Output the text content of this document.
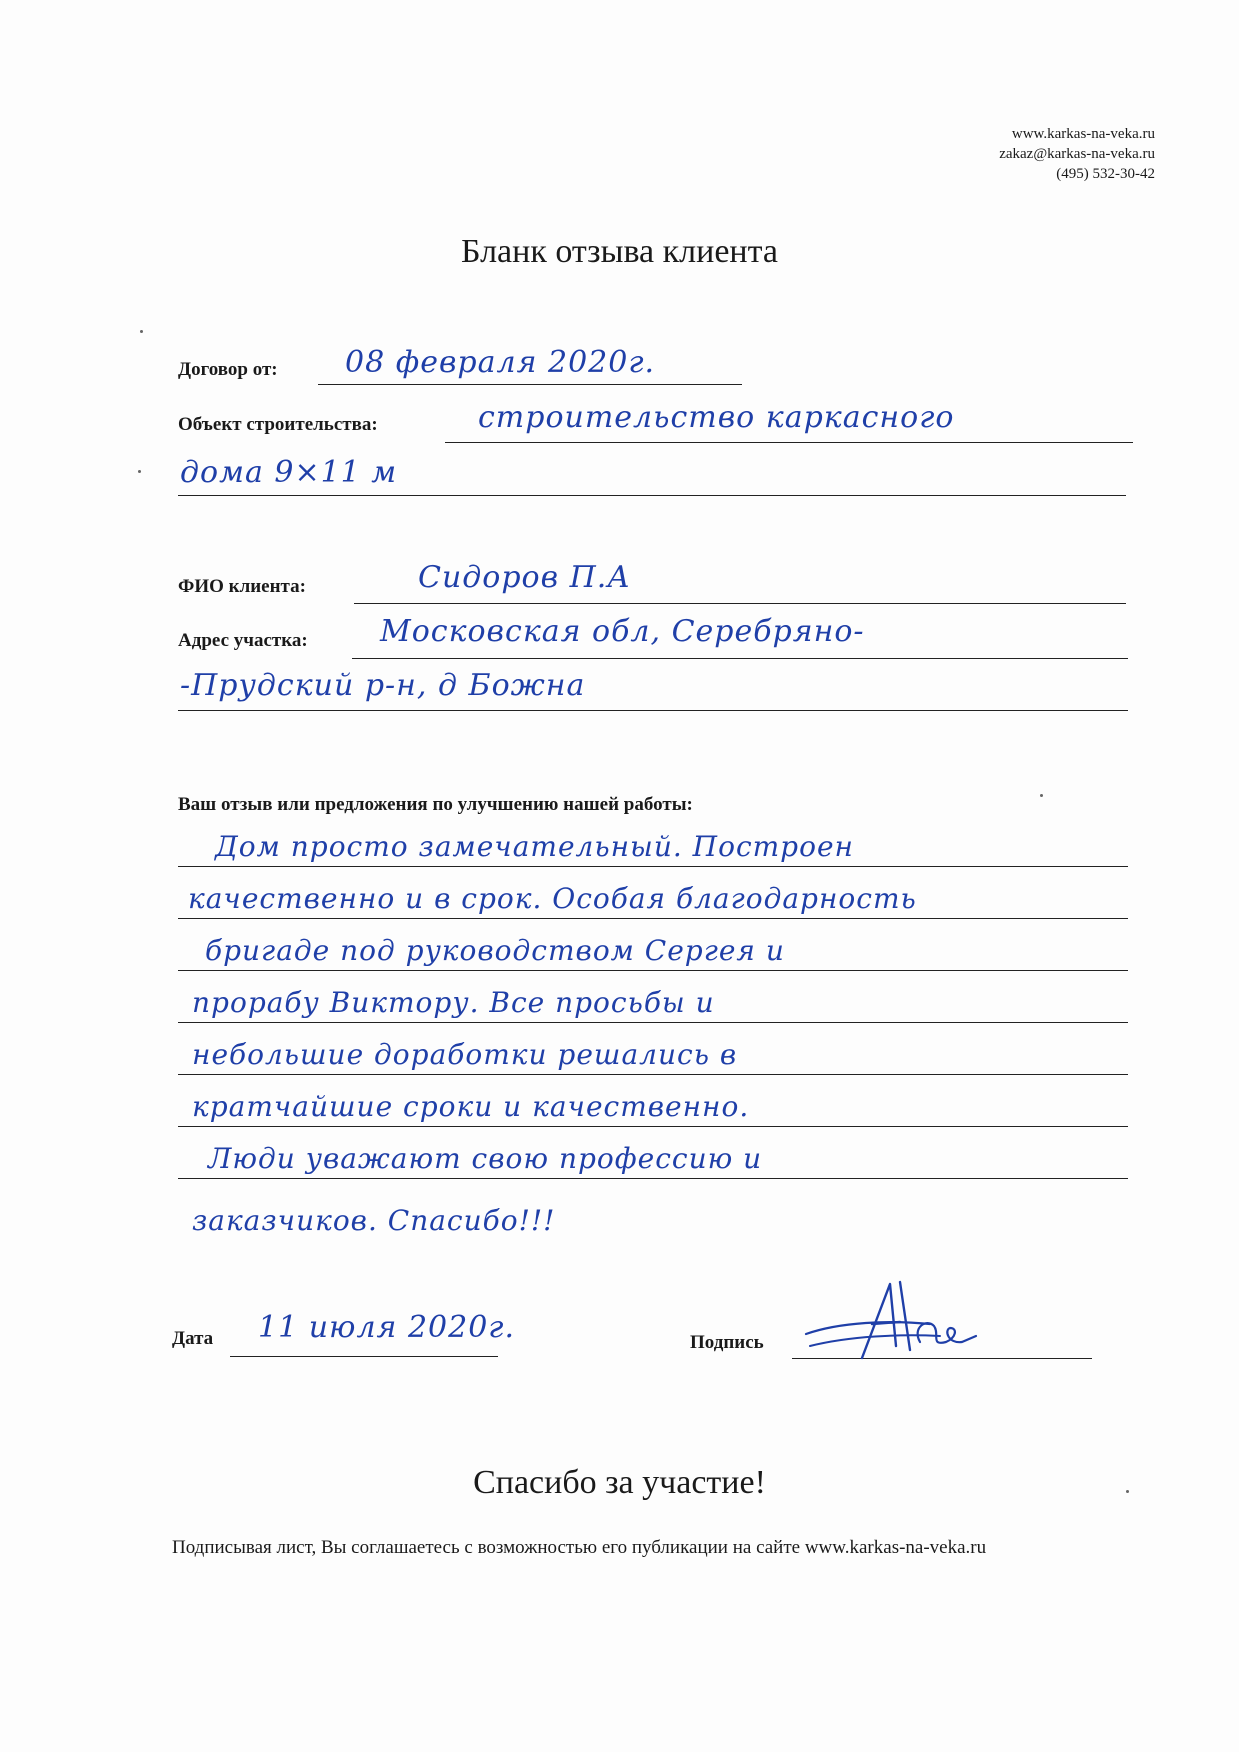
www.karkas-na-veka.ru
zakaz@karkas-na-veka.ru
(495) 532-30-42
Бланк отзыва клиента
Договор от: 08 февраля 2020г.
Объект строительства:	строительство каркасного
дома 9×11 м
ФИО клиента:	Сидоров П.А
Адрес участка: Московская обл, Серебряно-
-Прудский р-н, д Божна
Ваш отзыв или предложения по улучшению нашей работы:
Дом просто замечательный. Построен
качественно и в срок. Особая благодарность
бригаде под руководством Сергея и
прорабу Виктору. Все просьбы и
небольшие доработки решались в
кратчайшие сроки и качественно.
Люди уважают свою профессию и
заказчиков. Спасибо!!!
Дата 11 июля 2020г.	Подпись
Спасибо за участие!
Подписывая лист, Вы соглашаетесь с возможностью его публикации на сайте www.karkas-na-veka.ru
